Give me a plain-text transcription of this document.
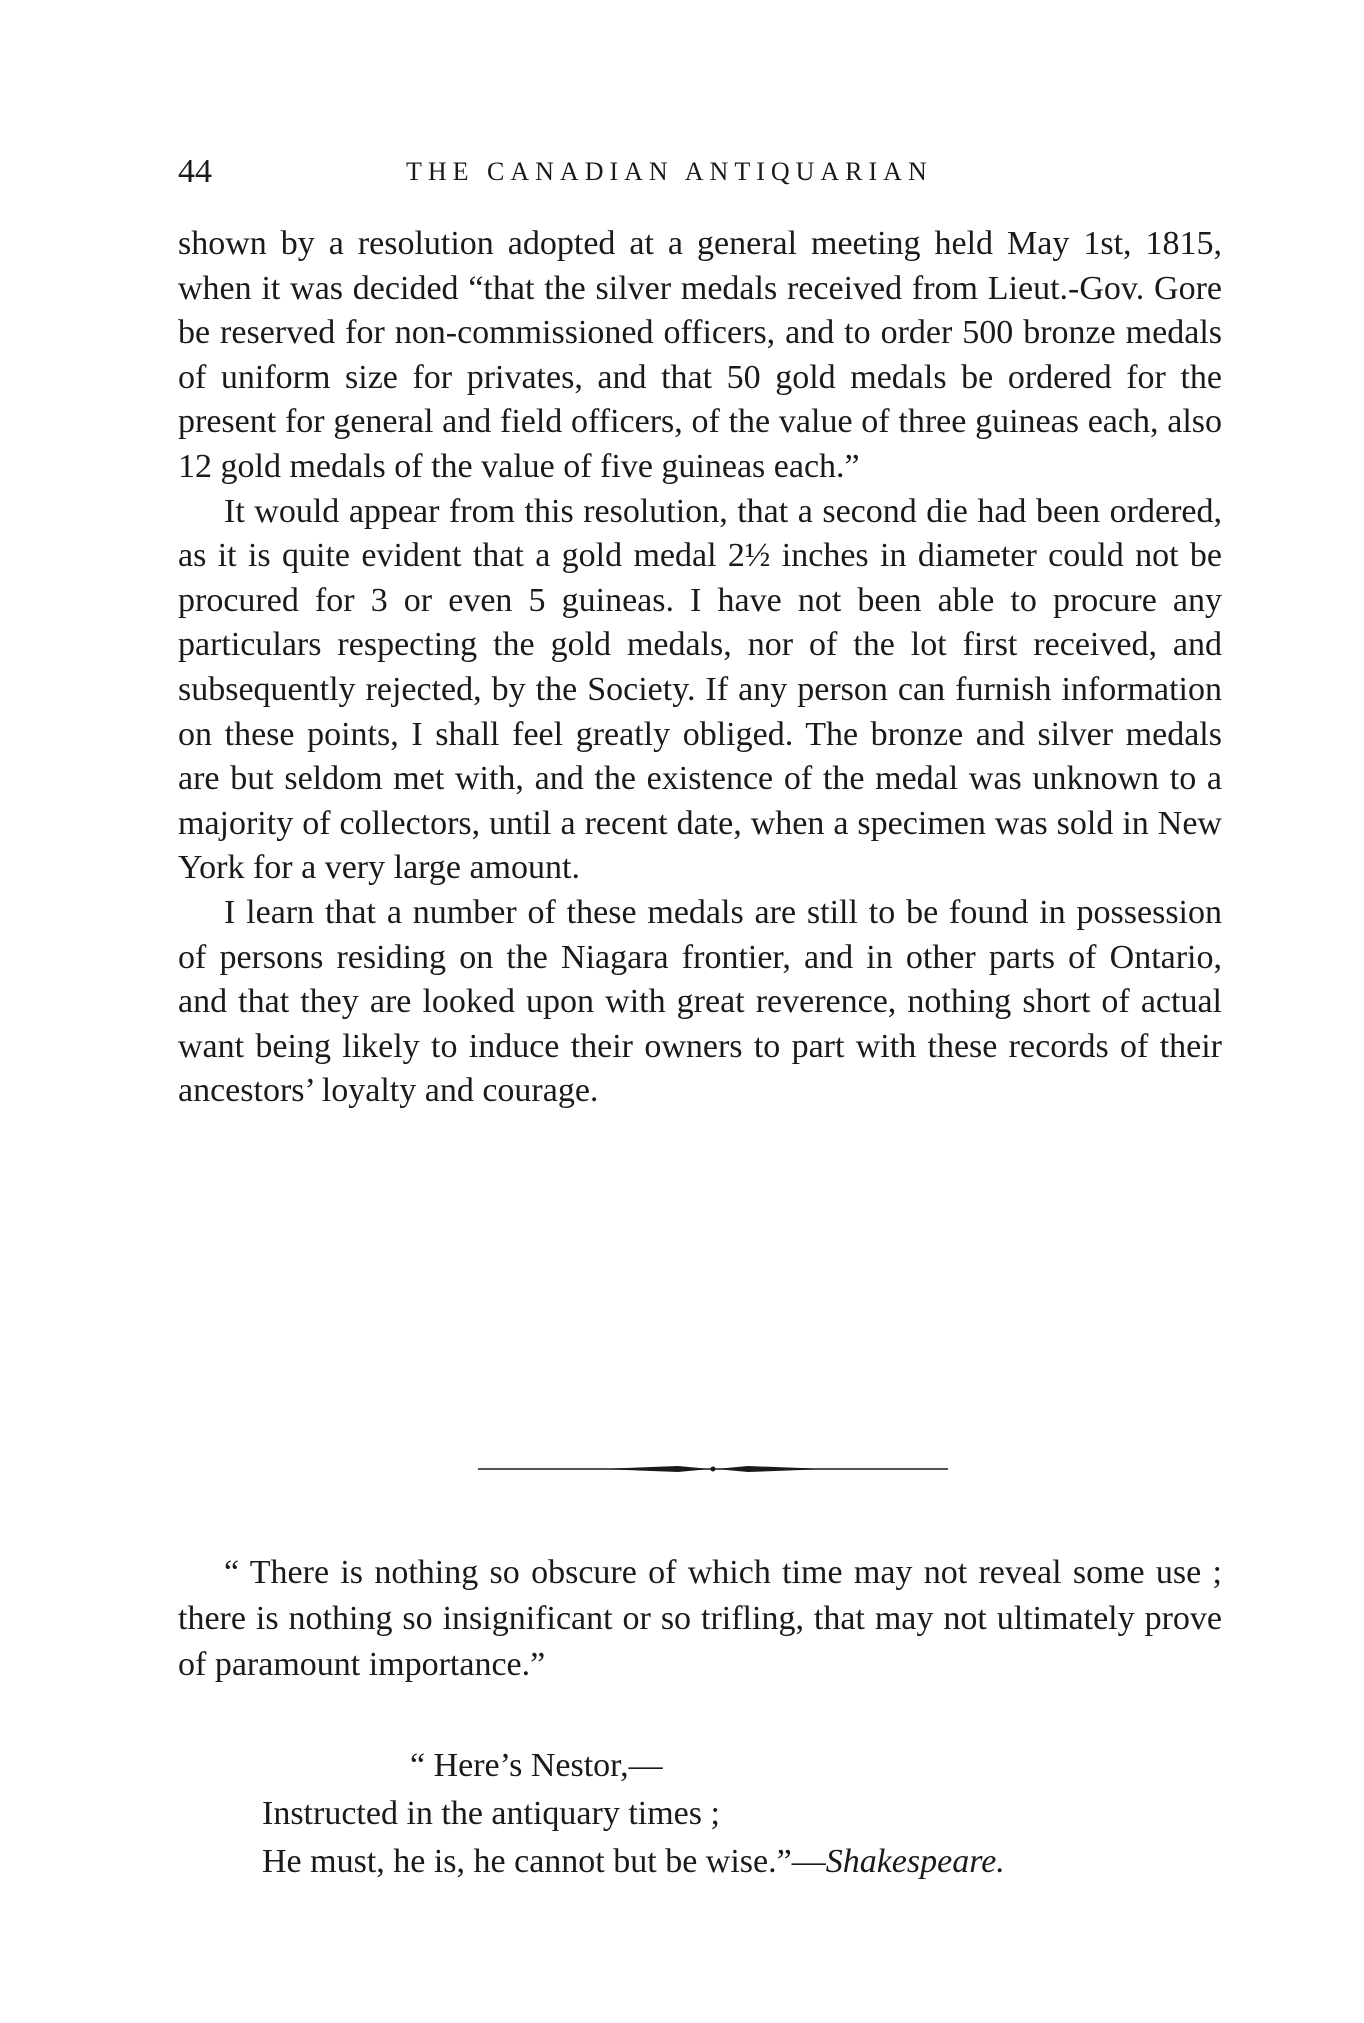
44	THE CANADIAN ANTIQUARIAN

shown by a resolution adopted at a general meeting held May 1st, 1815, when it was decided “that the silver medals received from Lieut.-Gov. Gore be reserved for non-commissioned officers, and to order 500 bronze medals of uniform size for privates, and that 50 gold medals be ordered for the present for general and field officers, of the value of three guineas each, also 12 gold medals of the value of five guineas each.”

It would appear from this resolution, that a second die had been ordered, as it is quite evident that a gold medal 2½ inches in diameter could not be procured for 3 or even 5 guineas. I have not been able to procure any particulars respecting the gold medals, nor of the lot first received, and subsequently rejected, by the Society. If any person can furnish information on these points, I shall feel greatly obliged. The bronze and silver medals are but seldom met with, and the existence of the medal was unknown to a majority of collectors, until a recent date, when a specimen was sold in New York for a very large amount.

I learn that a number of these medals are still to be found in possession of persons residing on the Niagara frontier, and in other parts of Ontario, and that they are looked upon with great reverence, nothing short of actual want being likely to induce their owners to part with these records of their ancestors’ loyalty and courage.

“ There is nothing so obscure of which time may not reveal some use ; there is nothing so insignificant or so trifling, that may not ultimately prove of paramount importance.”

“ Here’s Nestor,—
Instructed in the antiquary times ;
He must, he is, he cannot but be wise.”—Shakespeare.
